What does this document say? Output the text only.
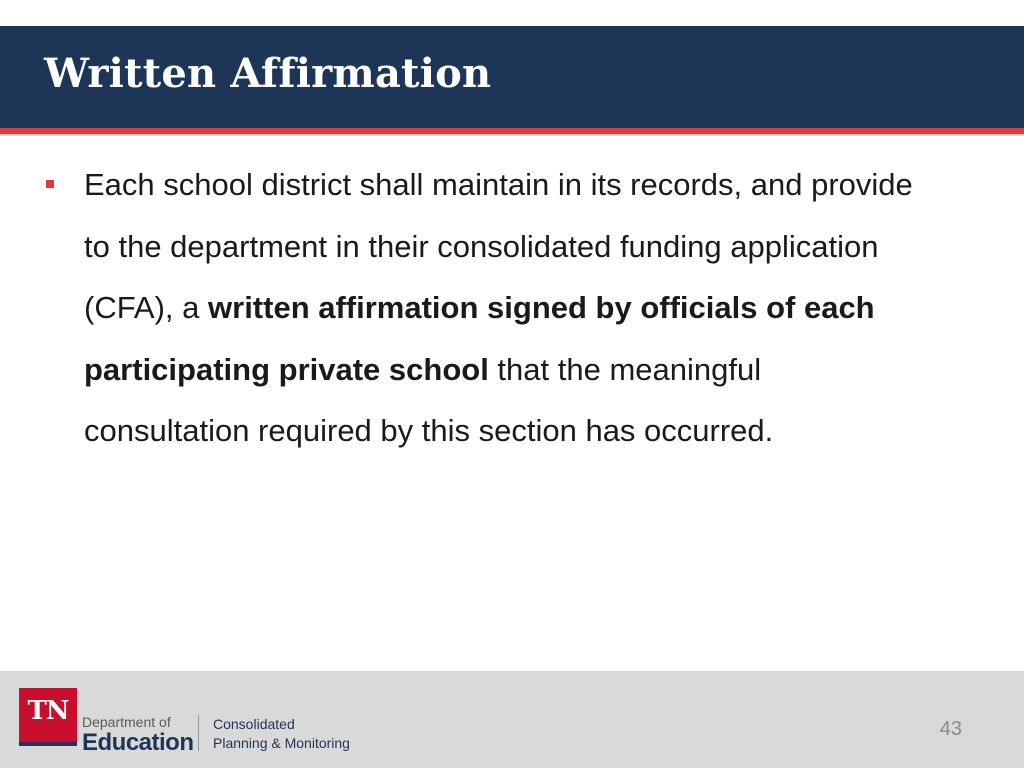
Written Affirmation
Each school district shall maintain in its records, and provide to the department in their consolidated funding application (CFA), a written affirmation signed by officials of each participating private school that the meaningful consultation required by this section has occurred.
TN Department of
Education
Consolidated
Planning & Monitoring
43
